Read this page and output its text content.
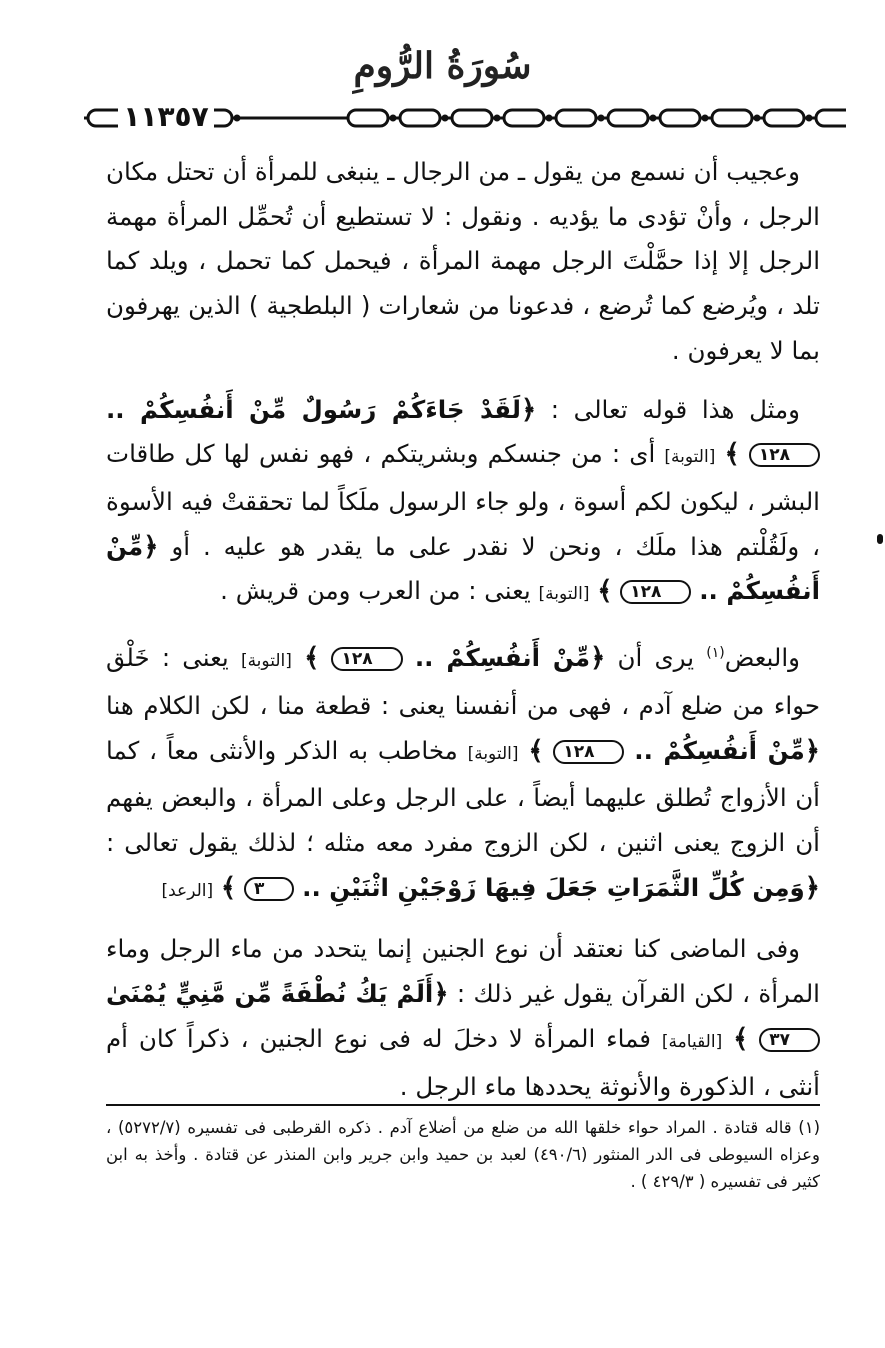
سُورَةُ الرُّومِ
١١٣٥٧

وعجيب أن نسمع من يقول ـ من الرجال ـ ينبغى للمرأة أن تحتل مكان الرجل ، وأنْ تؤدى ما يؤديه . ونقول : لا تستطيع أن تُحمِّل المرأة مهمة الرجل إلا إذا حمَّلْتَ الرجل مهمة المرأة ، فيحمل كما تحمل ، ويلد كما تلد ، ويُرضع كما تُرضع ، فدعونا من شعارات ( البلطجية ) الذين يهرفون بما لا يعرفون .

ومثل هذا قوله تعالى : ﴿لَقَدْ جَاءَكُمْ رَسُولٌ مِّنْ أَنفُسِكُمْ .. ١٢٨ ﴾ [التوبة] أى : من جنسكم وبشريتكم ، فهو نفس لها كل طاقات البشر ، ليكون لكم أسوة ، ولو جاء الرسول ملَكاً لما تحققتْ فيه الأسوة ، ولَقُلْتم هذا ملَك ، ونحن لا نقدر على ما يقدر هو عليه . أو ﴿مِّنْ أَنفُسِكُمْ .. ١٢٨ ﴾ [التوبة] يعنى : من العرب ومن قريش .

والبعض$^{(١)}$ يرى أن ﴿مِّنْ أَنفُسِكُمْ .. ١٢٨ ﴾ [التوبة] يعنى : خَلْق حواء من ضلع آدم ، فهى من أنفسنا يعنى : قطعة منا ، لكن الكلام هنا ﴿مِّنْ أَنفُسِكُمْ .. ١٢٨ ﴾ [التوبة] مخاطب به الذكر والأنثى معاً ، كما أن الأزواج تُطلق عليهما أيضاً ، على الرجل وعلى المرأة ، والبعض يفهم أن الزوج يعنى اثنين ، لكن الزوج مفرد معه مثله ؛ لذلك يقول تعالى : ﴿وَمِن كُلِّ الثَّمَرَاتِ جَعَلَ فِيهَا زَوْجَيْنِ اثْنَيْنِ .. ٣ ﴾ [الرعد]

وفى الماضى كنا نعتقد أن نوع الجنين إنما يتحدد من ماء الرجل وماء المرأة ، لكن القرآن يقول غير ذلك : ﴿أَلَمْ يَكُ نُطْفَةً مِّن مَّنِيٍّ يُمْنَىٰ ٣٧ ﴾ [القيامة] فماء المرأة لا دخلَ له فى نوع الجنين ، ذكراً كان أم أنثى ، الذكورة والأنوثة يحددها ماء الرجل .

(١) قاله قتادة . المراد حواء خلقها الله من ضلع من أضلاع آدم . ذكره القرطبى فى تفسيره (٥٢٧٢/٧) ، وعزاه السيوطى فى الدر المنثور (٤٩٠/٦) لعبد بن حميد وابن جرير وابن المنذر عن قتادة . وأخذ به ابن كثير فى تفسيره ( ٤٢٩/٣ ) .
